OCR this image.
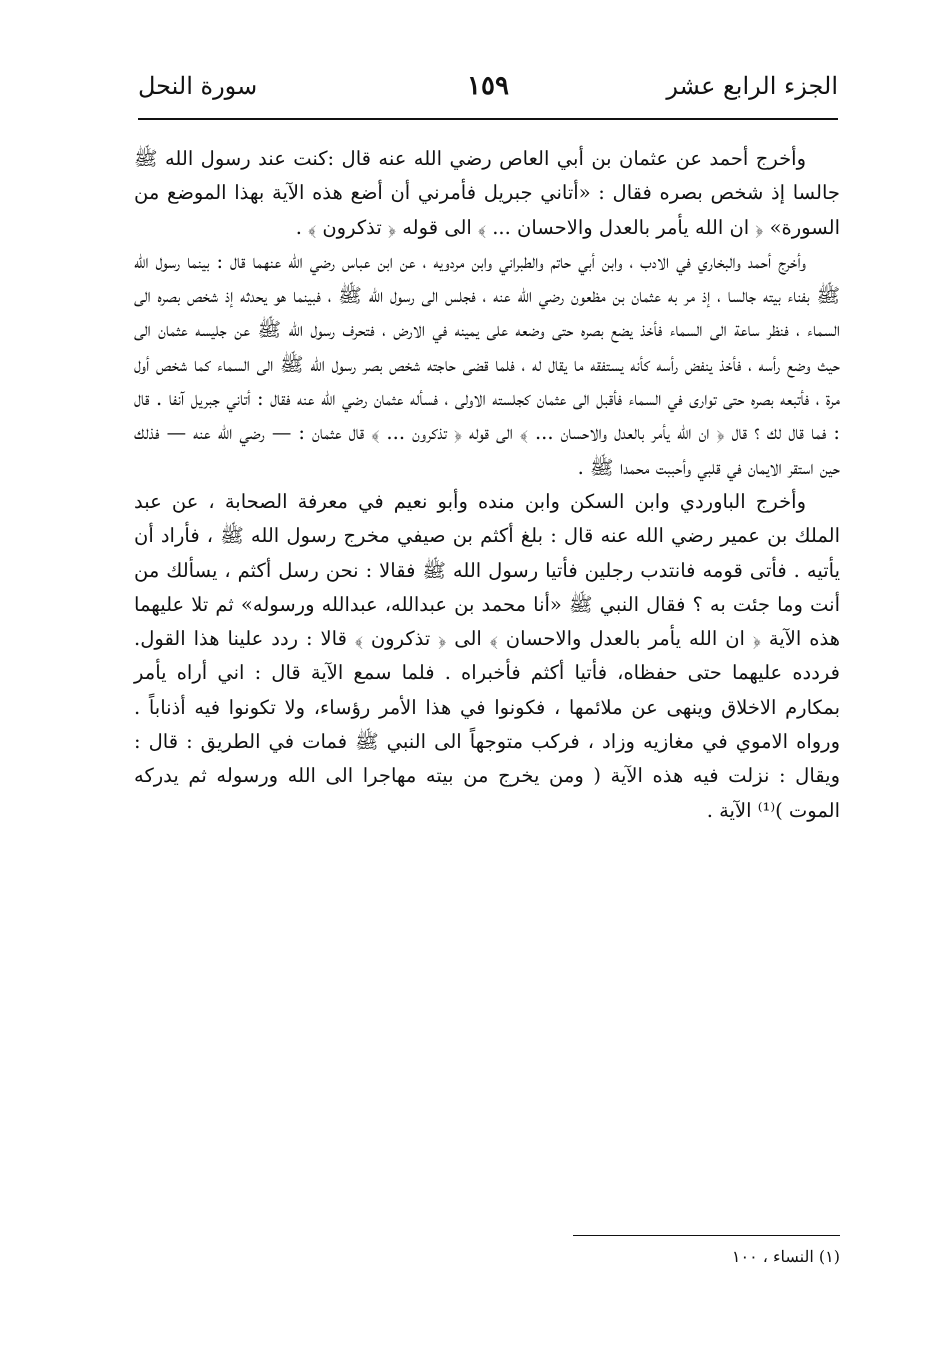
الجزء الرابع عشر
١٥٩
سورة النحل

وأخرج أحمد عن عثمان بن أبي العاص رضي الله عنه قال :كنت عند رسول الله ﷺ جالسا إذ شخص بصره فقال : «أتاني جبريل فأمرني أن أضع هذه الآية بهذا الموضع من السورة» ﴿ ان الله يأمر بالعدل والاحسان ... ﴾ الى قوله ﴿ تذكرون ﴾ .

وأخرج أحمد والبخاري في الادب ، وابن أبي حاتم والطبراني وابن مردويه ، عن ابن عباس رضي الله عنهما قال : بينما رسول الله ﷺ بفناء بيته جالسا ، إذ مر به عثمان بن مظعون رضي الله عنه ، فجلس الى رسول الله ﷺ ، فبينما هو يحدثه إذ شخص بصره الى السماء ، فنظر ساعة الى السماء فأخذ يضع بصره حتى وضعه على يمينه في الارض ، فتحرف رسول الله ﷺ عن جليسه عثمان الى حيث وضع رأسه ، فأخذ ينفض رأسه كأنه يستفقه ما يقال له ، فلما قضى حاجته شخص بصر رسول الله ﷺ الى السماء كما شخص أول مرة ، فأتبعه بصره حتى توارى في السماء فأقبل الى عثمان كجلسته الاولى ، فسأله عثمان رضي الله عنه فقال : أتاني جبريل آنفا . قال : فما قال لك ؟ قال ﴿ ان الله يأمر بالعدل والاحسان ... ﴾ الى قوله ﴿ تذكرون ... ﴾ قال عثمان : — رضي الله عنه — فذلك حين استقر الايمان في قلبي وأحببت محمدا ﷺ .

وأخرج الباوردي وابن السكن وابن منده وأبو نعيم في معرفة الصحابة ، عن عبد الملك بن عمير رضي الله عنه قال : بلغ أكثم بن صيفي مخرج رسول الله ﷺ ، فأراد أن يأتيه . فأتى قومه فانتدب رجلين فأتيا رسول الله ﷺ فقالا : نحن رسل أكثم ، يسألك من أنت وما جئت به ؟ فقال النبي ﷺ «أنا محمد بن عبدالله، عبدالله ورسوله» ثم تلا عليهما هذه الآية ﴿ ان الله يأمر بالعدل والاحسان ﴾ الى ﴿ تذكرون ﴾ قالا : ردد علينا هذا القول. فردده عليهما حتى حفظاه، فأتيا أكثم فأخبراه . فلما سمع الآية قال : اني أراه يأمر بمكارم الاخلاق وينهى عن ملائمها ، فكونوا في هذا الأمر رؤساء، ولا تكونوا فيه أذناباً . ورواه الاموي في مغازيه وزاد ، فركب متوجهاً الى النبي ﷺ فمات في الطريق : قال : ويقال : نزلت فيه هذه الآية ( ومن يخرج من بيته مهاجرا الى الله ورسوله ثم يدركه الموت )⁽¹⁾ الآية .

(١) النساء ، ١٠٠
